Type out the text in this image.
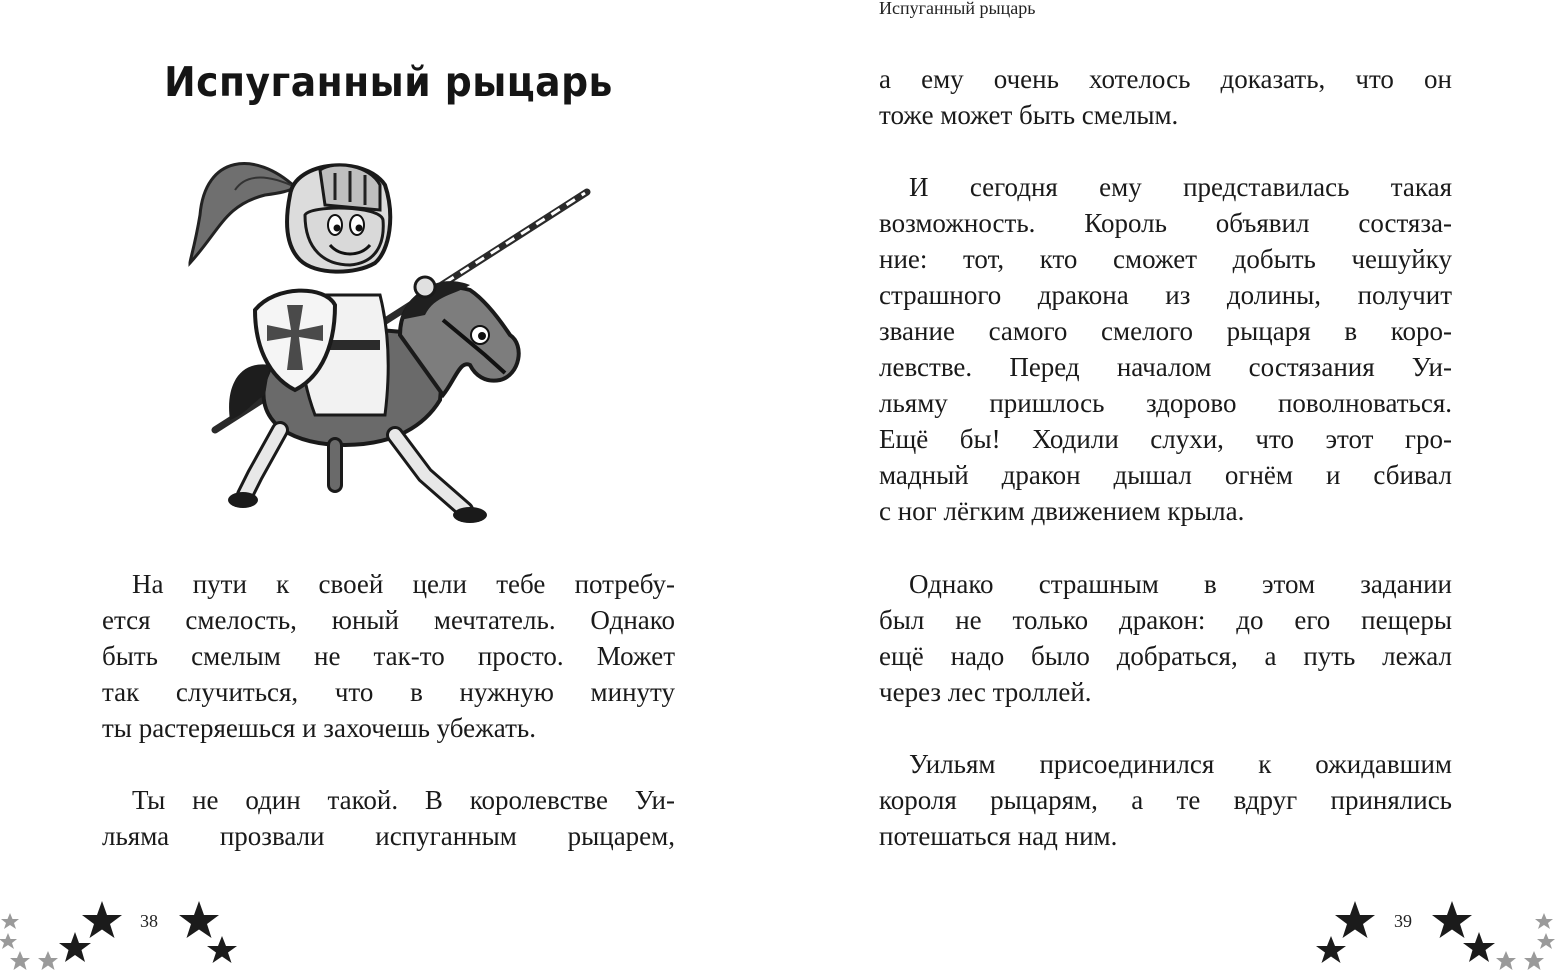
Испуганный рыцарь
На пути к своей цели тебе потребу-
ется смелость, юный мечтатель. Однако
быть смелым не так-то просто. Может
так случиться, что в нужную минуту
ты растеряешься и захочешь убежать.
Ты не один такой. В королевстве Уи-
льяма прозвали испуганным рыцарем,
38
Испуганный рыцарь
а ему очень хотелось доказать, что он
тоже может быть смелым.
И сегодня ему представилась такая
возможность. Король объявил состяза-
ние: тот, кто сможет добыть чешуйку
страшного дракона из долины, получит
звание самого смелого рыцаря в коро-
левстве. Перед началом состязания Уи-
льяму пришлось здорово поволноваться.
Ещё бы! Ходили слухи, что этот гро-
мадный дракон дышал огнём и сбивал
с ног лёгким движением крыла.
Однако страшным в этом задании
был не только дракон: до его пещеры
ещё надо было добраться, а путь лежал
через лес троллей.
Уильям присоединился к ожидавшим
короля рыцарям, а те вдруг принялись
потешаться над ним.
39
